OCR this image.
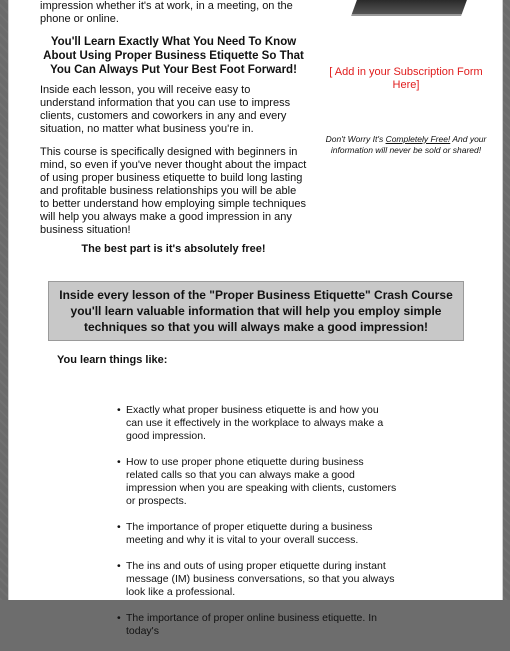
impression whether it's at work, in a meeting, on the phone or online.

You'll Learn Exactly What You Need To Know About Using Proper Business Etiquette So That You Can Always Put Your Best Foot Forward!

Inside each lesson, you will receive easy to understand information that you can use to impress clients, customers and coworkers in any and every situation, no matter what business you're in.

This course is specifically designed with beginners in mind, so even if you've never thought about the impact of using proper business etiquette to build long lasting and profitable business relationships you will be able to better understand how employing simple techniques will help you always make a good impression in any business situation!

The best part is it's absolutely free!

[ Add in your Subscription Form Here]
Don't Worry It's Completely Free! And your information will never be sold or shared!
Inside every lesson of the "Proper Business Etiquette" Crash Course you'll learn valuable information that will help you employ simple techniques so that you will always make a good impression!
You learn things like:
• Exactly what proper business etiquette is and how you can use it effectively in the workplace to always make a good impression.
• How to use proper phone etiquette during business related calls so that you can always make a good impression when you are speaking with clients, customers or prospects.
• The importance of proper etiquette during a business meeting and why it is vital to your overall success.
• The ins and outs of using proper etiquette during instant message (IM) business conversations, so that you always look like a professional.
• The importance of proper online business etiquette. In today's
